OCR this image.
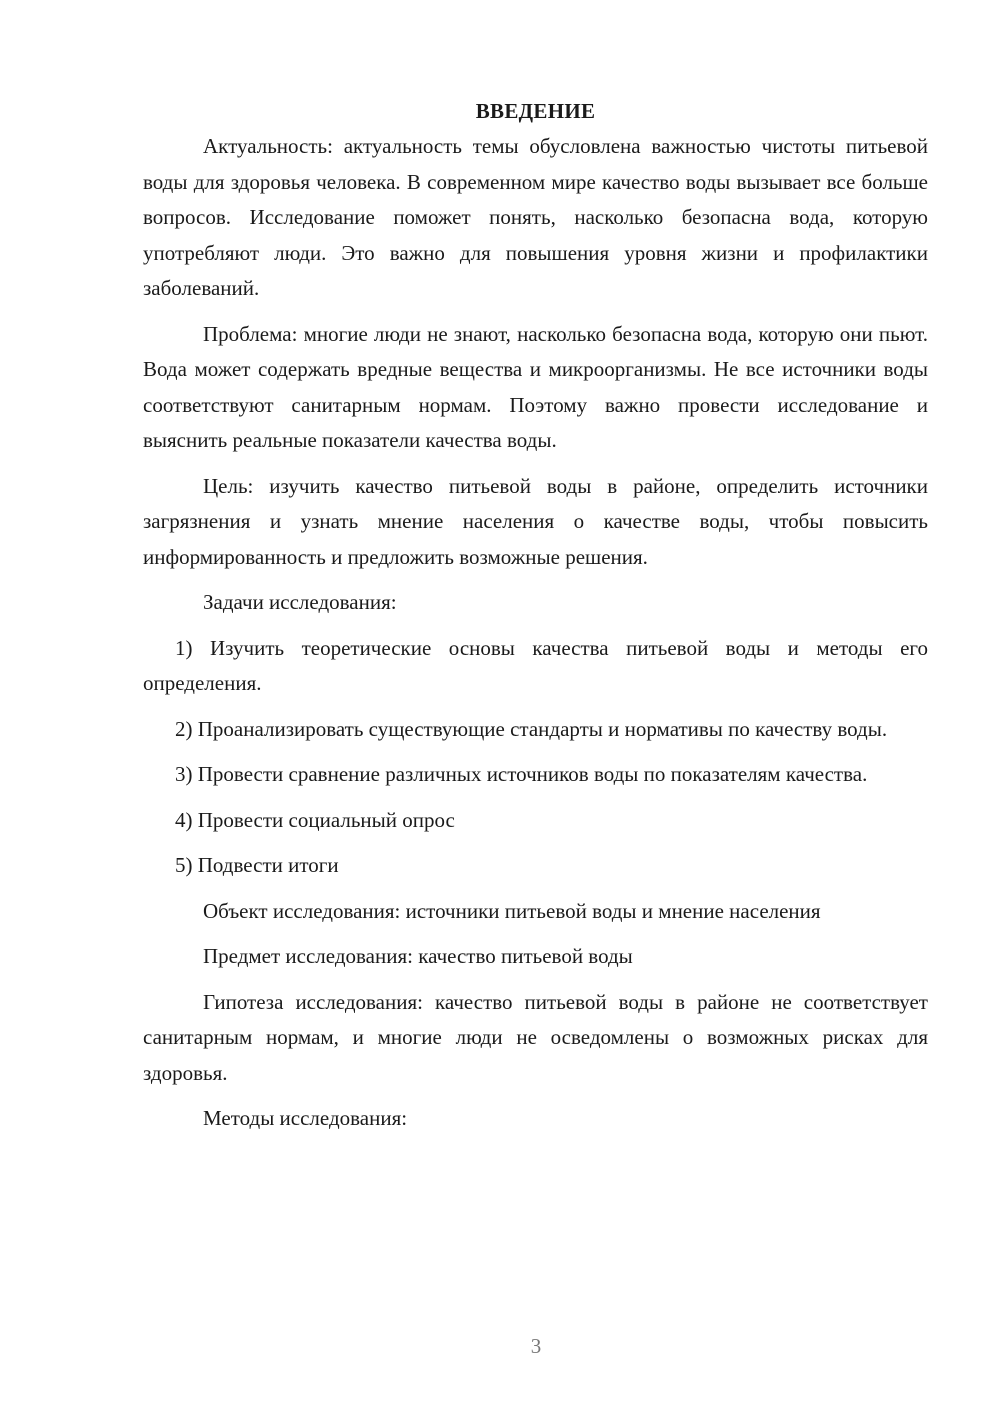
ВВЕДЕНИЕ

Актуальность: актуальность темы обусловлена важностью чистоты питьевой воды для здоровья человека. В современном мире качество воды вызывает все больше вопросов. Исследование поможет понять, насколько безопасна вода, которую употребляют люди. Это важно для повышения уровня жизни и профилактики заболеваний.

Проблема: многие люди не знают, насколько безопасна вода, которую они пьют. Вода может содержать вредные вещества и микроорганизмы. Не все источники воды соответствуют санитарным нормам. Поэтому важно провести исследование и выяснить реальные показатели качества воды.

Цель: изучить качество питьевой воды в районе, определить источники загрязнения и узнать мнение населения о качестве воды, чтобы повысить информированность и предложить возможные решения.

Задачи исследования:

1) Изучить теоретические основы качества питьевой воды и методы его определения.

2) Проанализировать существующие стандарты и нормативы по качеству воды.

3) Провести сравнение различных источников воды по показателям качества.

4) Провести социальный опрос

5) Подвести итоги

Объект исследования: источники питьевой воды и мнение населения

Предмет исследования: качество питьевой воды

Гипотеза исследования: качество питьевой воды в районе не соответствует санитарным нормам, и многие люди не осведомлены о возможных рисках для здоровья.

Методы исследования:

3
